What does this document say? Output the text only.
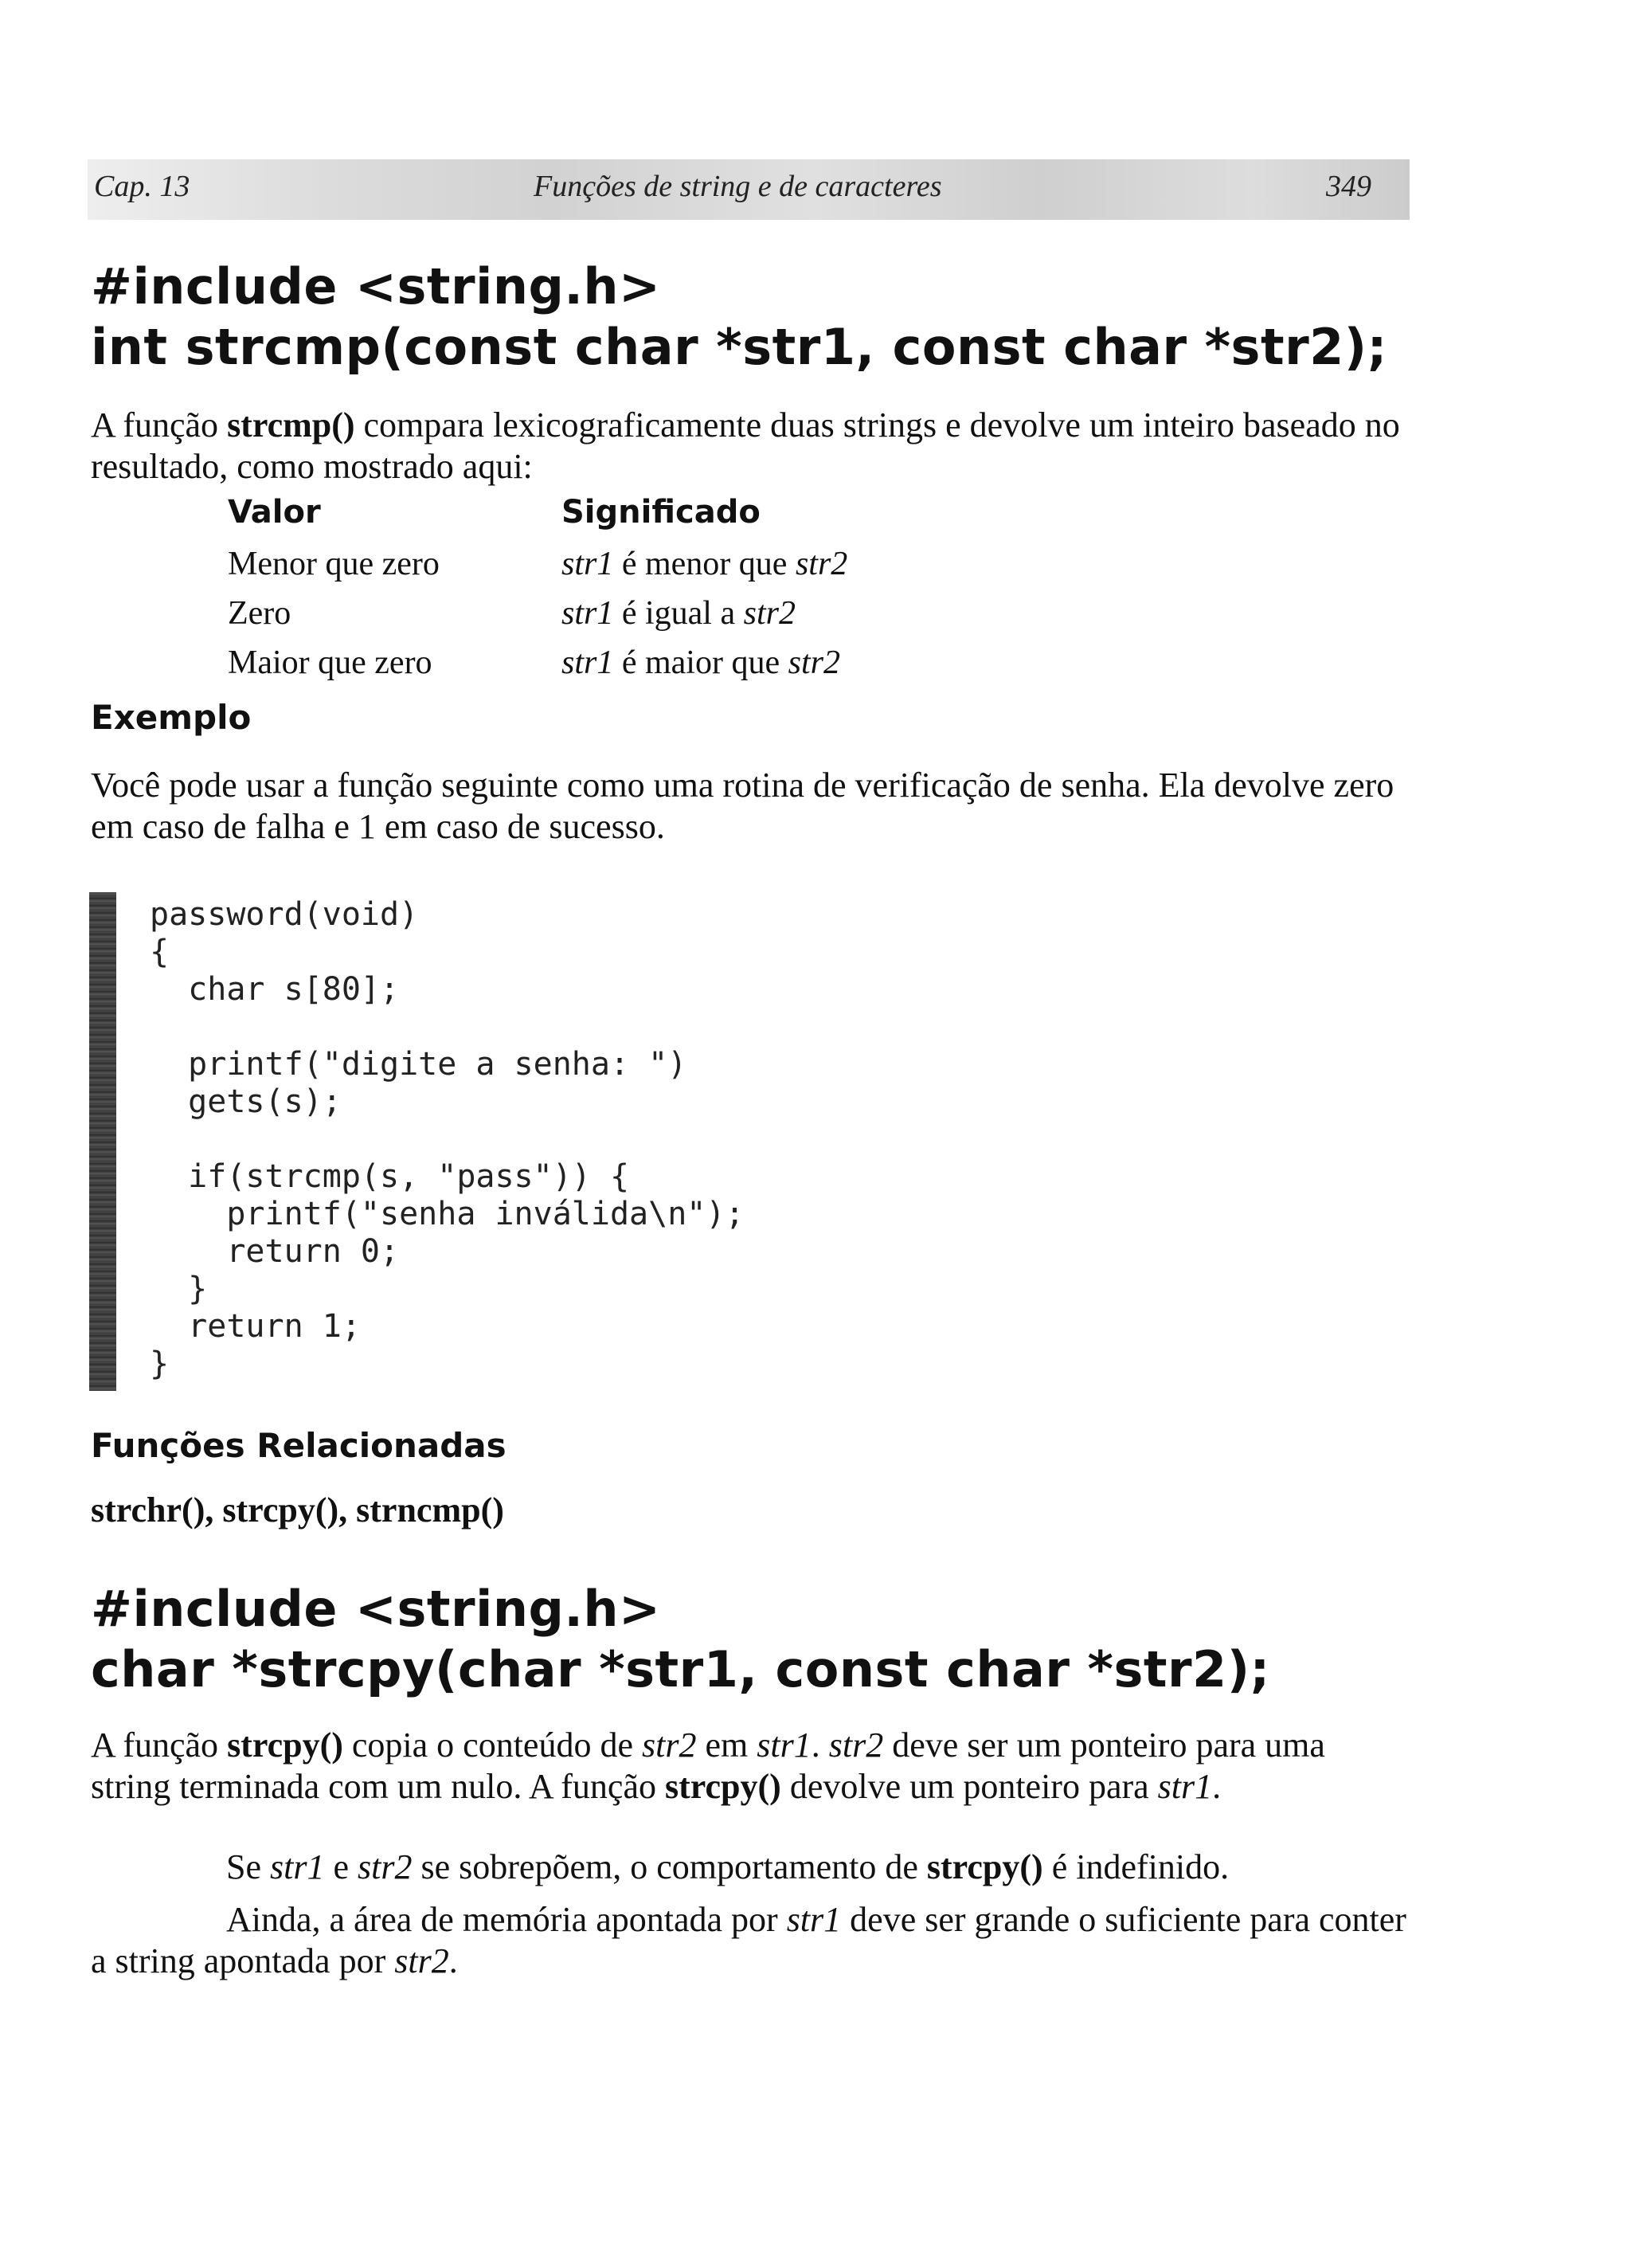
Cap. 13	Funções de string e de caracteres	349
#include <string.h>
int strcmp(const char *str1, const char *str2);

A função strcmp() compara lexicograficamente duas strings e devolve um inteiro baseado no resultado, como mostrado aqui:

Valor	Significado
Menor que zero	str1 é menor que str2
Zero	str1 é igual a str2
Maior que zero	str1 é maior que str2
Exemplo

Você pode usar a função seguinte como uma rotina de verificação de senha. Ela devolve zero em caso de falha e 1 em caso de sucesso.

password(void)
{
char s[80];
printf("digite a senha: ")
gets(s);
if(strcmp(s, "pass")) {
printf("senha inválida\n");
return 0;
}
return 1;
}
Funções Relacionadas
strchr(), strcpy(), strncmp()
#include <string.h>
char *strcpy(char *str1, const char *str2);

A função strcpy() copia o conteúdo de str2 em str1. str2 deve ser um ponteiro para uma string terminada com um nulo. A função strcpy() devolve um ponteiro para str1.

Se str1 e str2 se sobrepõem, o comportamento de strcpy() é indefinido.

Ainda, a área de memória apontada por str1 deve ser grande o suficiente para conter a string apontada por str2.
